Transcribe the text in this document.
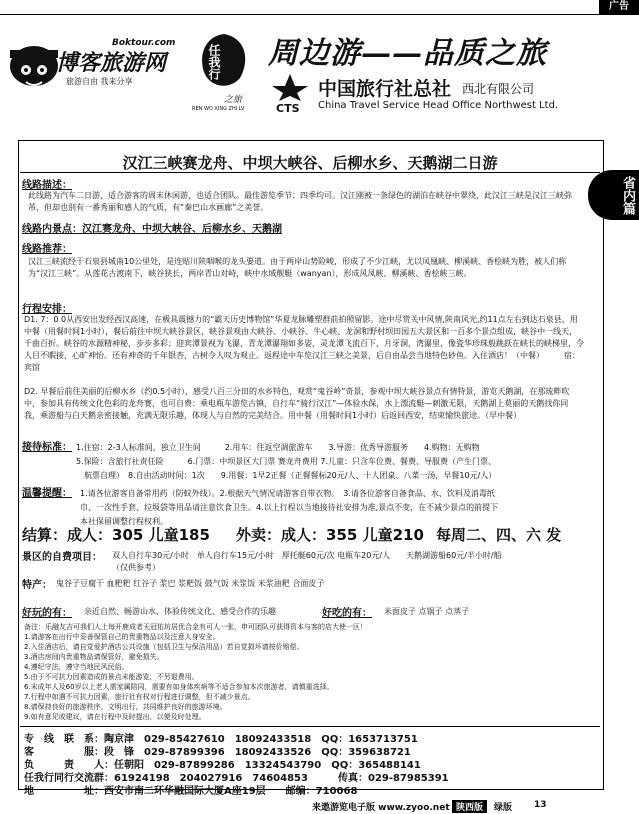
广告
博客旅游网
Boktour.com
旅游自由 我来分享
任我行
之旅
REN WO XING ZHI LV
周边游——品质之旅
CTS
中国旅行社总社 西北有限公司
China Travel Service Head Office Northwest Ltd.
省内篇
汉江三峡赛龙舟、中坝大峡谷、后柳水乡、天鹅湖二日游
线路描述：
此线路为汽车二日游，适合游客的周末休闲游，也适合团队。最佳游览季节：四季均可。汉江刚被一条绿色的湖泊在峡谷中翠绕，此汉江三峡是汉江三峡弥芾，但却也别有一番秀丽和感人的气质，有“秦巴山水画廊”之美誉。
线路内景点：汉江赛龙舟、中坝大峡谷、后柳水乡、天鹅湖
线路推荐：
汉江三峡流经于石泉县城南10公里处，是连贴川陕咽喉的龙头要道。由于两岸山势险峻，形成了不少江峡，尤以凤凰峡、柳溪峡、香桧峡为胜，被人们称为“汉江三峡”。从莲花古渡南下，峡谷狭长，两岸青山对峙，峡中水域舰艇（wanyan），形成风凤峡、柳溪峡、香桧峡三峡。
行程安排：
D1. 7：0 0从西安出发经西汉高速，在极具震撼力的“霸天历史博物馆”华夏龙脉雕塑群前拍照留影。途中尽赏关中风情,陕南风光,约11点左右到达石泉县，用中餐（用餐时间1小时），餐后前往中坝大峡谷景区，峡谷景观由大峡谷、小峡谷、牛心峡、龙洞和野村坝田园五大景区和一百多个景点组成，峡谷中一线天，千曲百折。峡谷的水源精神秘，步步多彩；迎宾潭景视为飞瀑，青龙潭瀑翔如多姿，灵龙潭飞流百下，月牙洞，湾瀑里，像瓷华珍珠般跳跃在峡长的峡梯里，令人目不暇接，心旷神怡。还有神奇的千年银杏，古树令人叹为观止。返程途中车览汉江三峡之美景，后自由品尝当地特色砂鱼。入住酒店！（中餐）　　　宿：宾馆
D2. 早餐后前往美丽的后柳水乡（约0.5小时），感受八百三分田的水乡特色，观赏“鬼谷岭”奇景，参观中坝大峡谷景点有情特景，游览天鹅湖，在那琉畔吹中，参加具有传统文化色彩的龙舟赛，也可自费：乘电瓶车游览古镇，自行车“骑行汉江”—体验水保，水上漂流艇—刺激无限，天鹅湖上莫丽的天鹅找你同我，乘游船与白天鹅亲密接触，充满无限乐趣，体现人与自然的完美结合。用中餐（用餐时间1小时）后返回西安，结束愉快旅途。（早中餐）
接待标准： 1.住宿：2-3人标准间，独立卫生间　　　2.用车：往返空调旅游车　　3.导游：优秀导游服务　　4.购物：无购物
5.保险：含旅行社责任险　　　6.门票：中坝景区大门票 赛龙舟费用 7.儿童：只含车位费、餐费、导服费（产生门票、
　航票自理）　8.自由活动时间：1次　　9.用餐：1早2正餐（正餐餐标20元/人、十人团桌、八菜一汤，早餐10元/人）
温馨提醒： 1.请各位游客自备常用药（防蚊外线）。2.根据天气情况请游客自带衣物。　3.请各位游客自备食品、水、饮料及消毒纸
巾、一次性手套、垃圾袋等用品请注意饮食卫生。4.以上行程以当地接待社安排为准,景点不变，在不减少景点的前提下
本社保留调整行程权利。
结算：成人：305 儿童185 外卖：成人：355 儿童210 每周二、四、六 发
景区的自费项目： 双人自行车30元/小时　单人自行车15元/小时　厚托艇60元/次 电瓶车20元/人　　天鹅湖游船60元/半小时/船
（仅供参考）
特产： 鬼谷子豆腐干 血粑粑 红谷子 浆巴 浆粑饭 鼓气饭 米浆饭 米浆油粑 合面皮子
好玩的有： 亲近自然、畅游山水、体验传统文化、感受合作的乐趣	好吃的有： 米面皮子 点锅子 点蒸子
备注：乐融友吉可我们人上每开鹿成者天冠佑坊居优合金有可人一张，申可团队可获得资本与客的店大使一区！
1.请游客在出行中妥善保管自己的贵重物品以及注意人身安全。
2.入住酒店后，请自觉爱护酒店公共设施（包括卫生与保洁用品）若自觉损坏请按价赔偿。
3.酒店房间内贵重物品请保管好，避免损失。
4.遵纪守法，遵守当地民风民俗。
5.由于不可抗力因素造成的景点未能游览，不另退费用。
6.未成年人及60岁以上老人需家属陪同，需要有如身体疾病等不适合参加本次旅游者，请慎重选择。
7.行程中如遇不可抗力因素，旅行社有权对行程进行调整，但不减少景点。
8.请保持良好的旅游秩序，文明出行，共同维护良好的旅游环境。
9.如有意见或建议，请在行程中及时提出，以便及时处理。
专　线　联　系：陶京津　029-85427610　18092433518　QQ：1653713751
客　　　　　服：段　锋　029-87899396　18092433526　QQ：359638721
负　　　责　　人：任朝阳　029-87899286　13324543790　QQ：365488141
任我行同行交流群：61924198　204027916　74604853　　　传真：029-87985391
地　　　　　址：西安市南二环华融国际大厦A座19层　　邮编：710068
来遨游览电子版 www.zyoo.net 陕西版	绿版 13
